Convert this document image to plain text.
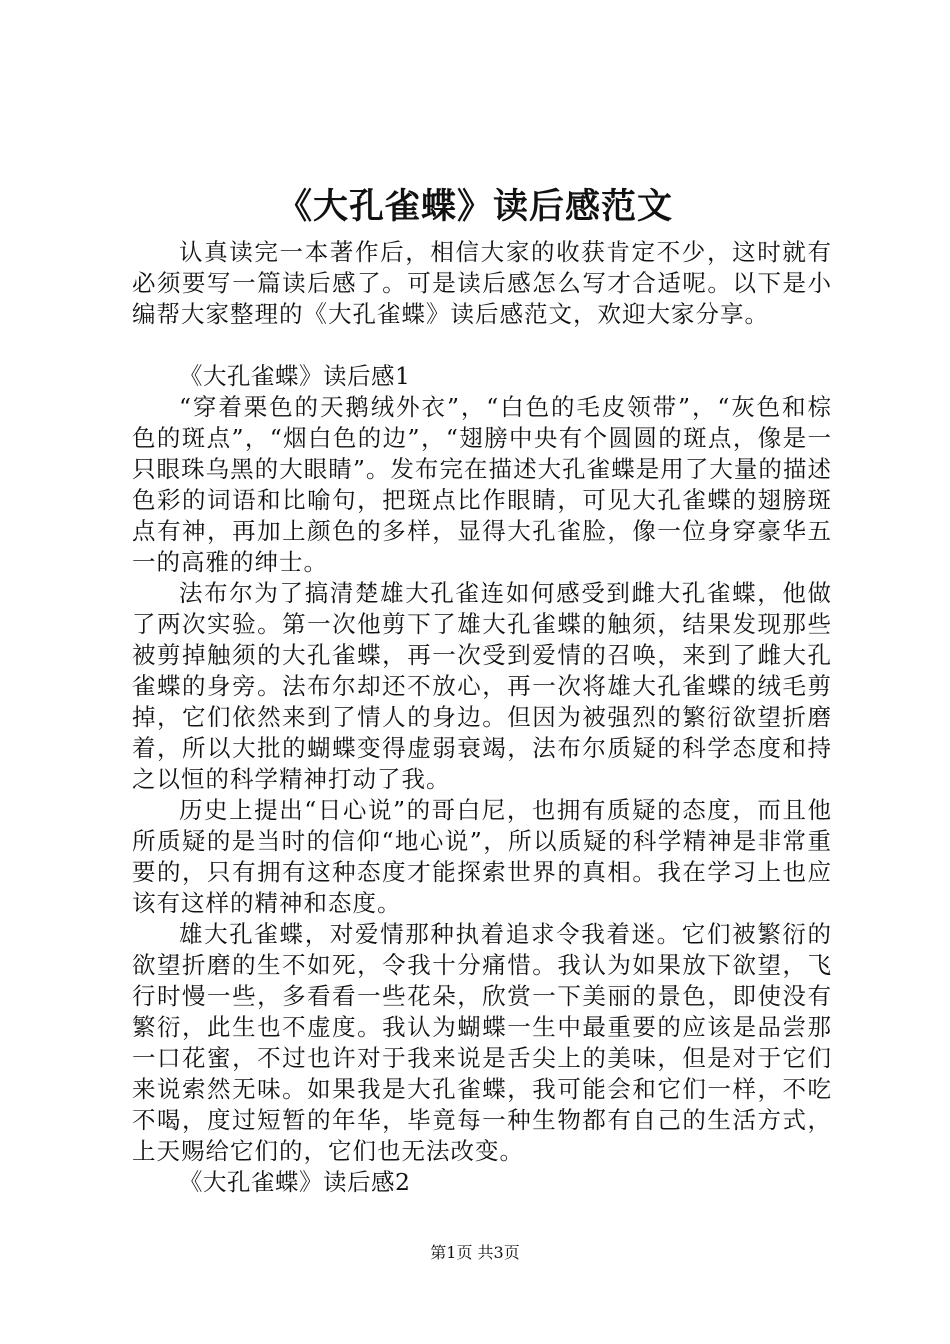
《大孔雀蝶》读后感范文

认真读完一本著作后，相信大家的收获肯定不少，这时就有必须要写一篇读后感了。可是读后感怎么写才合适呢。以下是小编帮大家整理的《大孔雀蝶》读后感范文，欢迎大家分享。

《大孔雀蝶》读后感1

“穿着栗色的天鹅绒外衣”，“白色的毛皮领带”，“灰色和棕色的斑点”，“烟白色的边”，“翅膀中央有个圆圆的斑点，像是一只眼珠乌黑的大眼睛”。发布完在描述大孔雀蝶是用了大量的描述色彩的词语和比喻句，把斑点比作眼睛，可见大孔雀蝶的翅膀斑点有神，再加上颜色的多样，显得大孔雀脸，像一位身穿豪华五一的高雅的绅士。

法布尔为了搞清楚雄大孔雀连如何感受到雌大孔雀蝶，他做了两次实验。第一次他剪下了雄大孔雀蝶的触须，结果发现那些被剪掉触须的大孔雀蝶，再一次受到爱情的召唤，来到了雌大孔雀蝶的身旁。法布尔却还不放心，再一次将雄大孔雀蝶的绒毛剪掉，它们依然来到了情人的身边。但因为被强烈的繁衍欲望折磨着，所以大批的蝴蝶变得虚弱衰竭，法布尔质疑的科学态度和持之以恒的科学精神打动了我。

历史上提出“日心说”的哥白尼，也拥有质疑的态度，而且他所质疑的是当时的信仰“地心说”，所以质疑的科学精神是非常重要的，只有拥有这种态度才能探索世界的真相。我在学习上也应该有这样的精神和态度。

雄大孔雀蝶，对爱情那种执着追求令我着迷。它们被繁衍的欲望折磨的生不如死，令我十分痛惜。我认为如果放下欲望，飞行时慢一些，多看看一些花朵，欣赏一下美丽的景色，即使没有繁衍，此生也不虚度。我认为蝴蝶一生中最重要的应该是品尝那一口花蜜，不过也许对于我来说是舌尖上的美味，但是对于它们来说索然无味。如果我是大孔雀蝶，我可能会和它们一样，不吃不喝，度过短暂的年华，毕竟每一种生物都有自己的生活方式，上天赐给它们的，它们也无法改变。

《大孔雀蝶》读后感2

第1页 共3页
